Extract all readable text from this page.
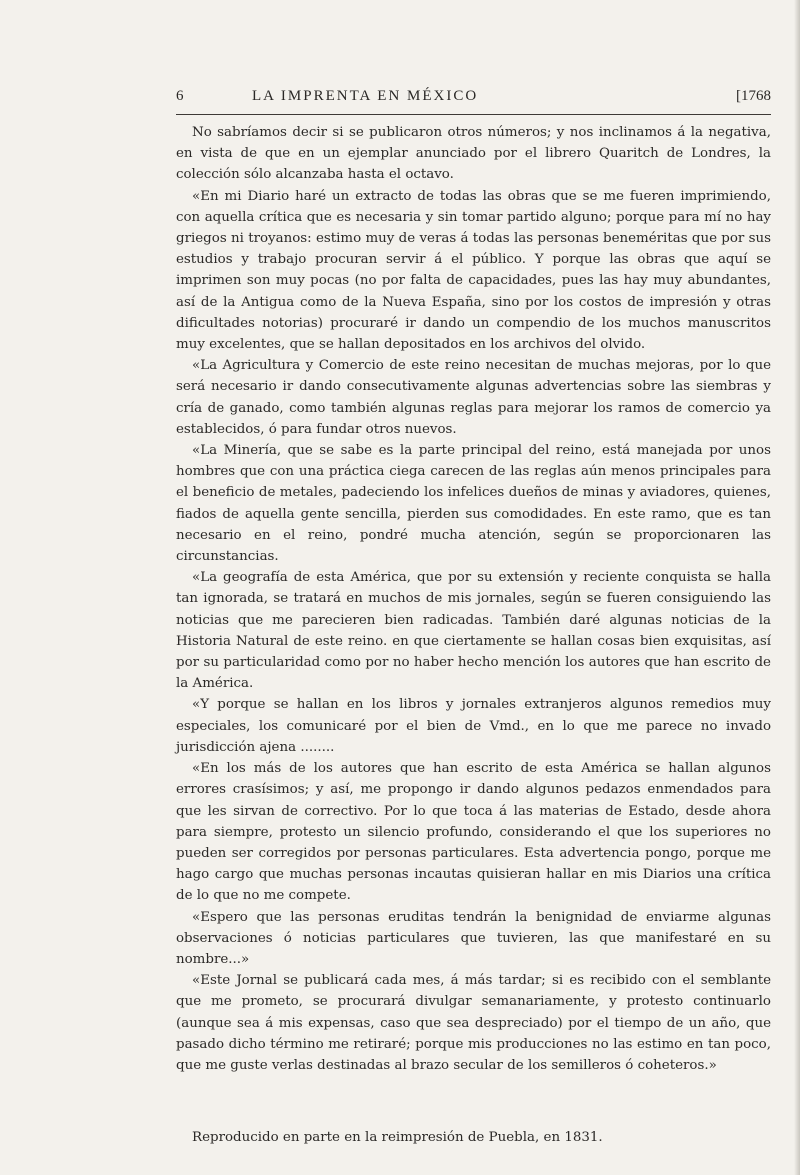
6	LA IMPRENTA EN MÉXICO	[1768

No sabríamos decir si se publicaron otros números; y nos inclinamos á la negativa, en vista de que en un ejemplar anunciado por el librero Quaritch de Londres, la colección sólo alcanzaba hasta el octavo.

«En mi Diario haré un extracto de todas las obras que se me fueren imprimiendo, con aquella crítica que es necesaria y sin tomar partido alguno; porque para mí no hay griegos ni troyanos: estimo muy de veras á todas las personas beneméritas que por sus estudios y trabajo procuran servir á el público. Y porque las obras que aquí se imprimen son muy pocas (no por falta de capacidades, pues las hay muy abundantes, así de la Antigua como de la Nueva España, sino por los costos de impresión y otras dificultades notorias) procuraré ir dando un compendio de los muchos manuscritos muy excelentes, que se hallan depositados en los archivos del olvido.

«La Agricultura y Comercio de este reino necesitan de muchas mejoras, por lo que será necesario ir dando consecutivamente algunas advertencias sobre las siembras y cría de ganado, como también algunas reglas para mejorar los ramos de comercio ya establecidos, ó para fundar otros nuevos.

«La Minería, que se sabe es la parte principal del reino, está manejada por unos hombres que con una práctica ciega carecen de las reglas aún menos principales para el beneficio de metales, padeciendo los infelices dueños de minas y aviadores, quienes, fiados de aquella gente sencilla, pierden sus comodidades. En este ramo, que es tan necesario en el reino, pondré mucha atención, según se proporcionaren las circunstancias.

«La geografía de esta América, que por su extensión y reciente conquista se halla tan ignorada, se tratará en muchos de mis jornales, según se fueren consiguiendo las noticias que me parecieren bien radicadas. También daré algunas noticias de la Historia Natural de este reino. en que ciertamente se hallan cosas bien exquisitas, así por su particularidad como por no haber hecho mención los autores que han escrito de la América.

«Y porque se hallan en los libros y jornales extranjeros algunos remedios muy especiales, los comunicaré por el bien de Vmd., en lo que me parece no invado jurisdicción ajena ........

«En los más de los autores que han escrito de esta América se hallan algunos errores crasísimos; y así, me propongo ir dando algunos pedazos enmendados para que les sirvan de correctivo. Por lo que toca á las materias de Estado, desde ahora para siempre, protesto un silencio profundo, considerando el que los superiores no pueden ser corregidos por personas particulares. Esta advertencia pongo, porque me hago cargo que muchas personas incautas quisieran hallar en mis Diarios una crítica de lo que no me compete.

«Espero que las personas eruditas tendrán la benignidad de enviarme algunas observaciones ó noticias particulares que tuvieren, las que manifestaré en su nombre...»

«Este Jornal se publicará cada mes, á más tardar; si es recibido con el semblante que me prometo, se procurará divulgar semanariamente, y protesto continuarlo (aunque sea á mis expensas, caso que sea despreciado) por el tiempo de un año, que pasado dicho término me retiraré; porque mis producciones no las estimo en tan poco, que me guste verlas destinadas al brazo secular de los semilleros ó coheteros.»

Reproducido en parte en la reimpresión de Puebla, en 1831.
